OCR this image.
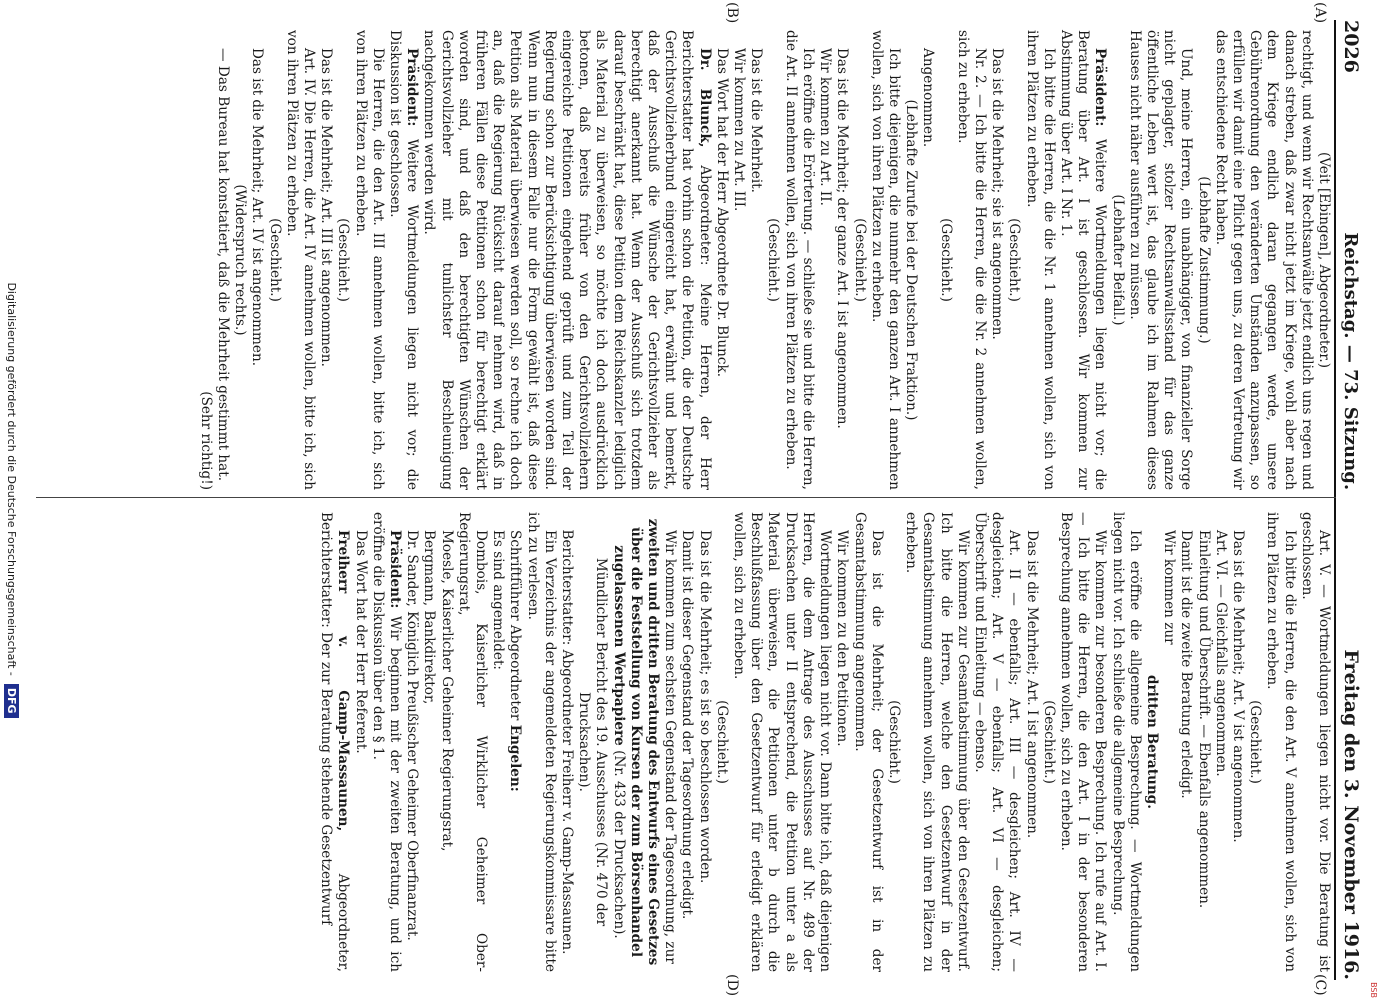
2026
Reichstag. — 73. Sitzung.
Freitag den 3. November 1916.
(A)
(B)
(C)
(D)

(Veit [Ebingen], Abgeordneter.)

rechtigt, und wenn wir Rechtsanwälte jetzt endlich uns regen und danach streben, daß zwar nicht jetzt im Kriege, wohl aber nach dem Kriege endlich daran gegangen werde, unsere Gebührenordnung den veränderten Umständen anzupassen, so erfüllen wir damit eine Pflicht gegen uns, zu deren Vertretung wir das entschiedene Recht haben.

(Lebhafte Zustimmung.)

Und, meine Herren, ein unabhängiger, von finanzieller Sorge nicht geplagter, stolzer Rechtsanwaltsstand für das ganze öffentliche Leben wert ist, das glaube ich im Rahmen dieses Hauses nicht näher ausführen zu müssen.

(Lebhafter Beifall.)

Präsident: Weitere Wortmeldungen liegen nicht vor; die Beratung über Art. I ist geschlossen. Wir kommen zur Abstimmung über Art. I Nr. 1.

Ich bitte die Herren, die die Nr. 1 annehmen wollen, sich von ihren Plätzen zu erheben.

(Geschieht.)

Das ist die Mehrheit; sie ist angenommen.

Nr. 2. — Ich bitte die Herren, die die Nr. 2 annehmen wollen, sich zu erheben.

(Geschieht.)

Angenommen.

(Lebhafte Zurufe bei der Deutschen Fraktion.)

Ich bitte diejenigen, die nunmehr den ganzen Art. I annehmen wollen, sich von ihren Plätzen zu erheben.

(Geschieht.)

Das ist die Mehrheit; der ganze Art. I ist angenommen.

Wir kommen zu Art. II.

Ich eröffne die Erörterung. — schließe sie und bitte die Herren, die Art. II annehmen wollen, sich von ihren Plätzen zu erheben.

(Geschieht.)

Das ist die Mehrheit.

Wir kommen zu Art. III.

Das Wort hat der Herr Abgeordnete Dr. Blunck.

Dr. Blunck, Abgeordneter: Meine Herren, der Herr Berichterstatter hat vorhin schon die Petition, die der Deutsche Gerichtsvollzieherbund eingereicht hat, erwähnt und bemerkt, daß der Ausschuß die Wünsche der Gerichtsvollzieher als berechtigt anerkannt hat. Wenn der Ausschuß sich trotzdem darauf beschränkt hat, diese Petition dem Reichskanzler lediglich als Material zu überweisen, so möchte ich doch ausdrücklich betonen, daß bereits früher von den Gerichtsvollziehern eingereichte Petitionen eingehend geprüft und zum Teil der Regierung schon zur Berücksichtigung überwiesen worden sind. Wenn nun in diesem Falle nur die Form gewählt ist, daß diese Petition als Material überwiesen werden soll, so rechne ich doch an, daß die Regierung Rücksicht darauf nehmen wird, daß in früheren Fällen diese Petitionen schon für berechtigt erklärt worden sind, und daß den berechtigten Wünschen der Gerichtsvollzieher mit tunlichster Beschleunigung nachgekommen werden wird.

Präsident: Weitere Wortmeldungen liegen nicht vor; die Diskussion ist geschlossen.

Die Herren, die den Art. III annehmen wollen, bitte ich, sich von ihren Plätzen zu erheben.

(Geschieht.)

Das ist die Mehrheit; Art. III ist angenommen.

Art. IV. Die Herren, die Art. IV annehmen wollen, bitte ich, sich von ihren Plätzen zu erheben.

(Geschieht.)

Das ist die Mehrheit; Art. IV ist angenommen.

(Widerspruch rechts.)

— Das Bureau hat konstatiert, daß die Mehrheit gestimmt hat.

(Sehr richtig!)

Art. V. — Wortmeldungen liegen nicht vor. Die Beratung ist geschlossen.

Ich bitte die Herren, die den Art. V annehmen wollen, sich von ihren Plätzen zu erheben.

(Geschieht.)

Das ist die Mehrheit; Art. V ist angenommen.

Art. VI. — Gleichfalls angenommen.

Einleitung und Überschrift. — Ebenfalls angenommen.

Damit ist die zweite Beratung erledigt.

Wir kommen zur

dritten Beratung.

Ich eröffne die allgemeine Besprechung. — Wortmeldungen liegen nicht vor. Ich schließe die allgemeine Besprechung.

Wir kommen zur besonderen Besprechung. Ich rufe auf Art. I. — Ich bitte die Herren, die den Art. I in der besonderen Besprechung annehmen wollen, sich zu erheben.

(Geschieht.)

Das ist die Mehrheit; Art. I ist angenommen.

Art. II — ebenfalls; Art. III — desgleichen; Art. IV — desgleichen; Art. V — ebenfalls; Art. VI — desgleichen; Überschrift und Einleitung — ebenso.

Wir kommen zur Gesamtabstimmung über den Gesetzentwurf. Ich bitte die Herren, welche den Gesetzentwurf in der Gesamtabstimmung annehmen wollen, sich von ihren Plätzen zu erheben.

(Geschieht.)

Das ist die Mehrheit; der Gesetzentwurf ist in der Gesamtabstimmung angenommen.

Wir kommen zu den Petitionen.

Wortmeldungen liegen nicht vor. Dann bitte ich, daß diejenigen Herren, die dem Antrage des Ausschusses auf Nr. 489 der Drucksachen unter II entsprechend, die Petition unter a als Material überweisen, die Petitionen unter b durch die Beschlußfassung über den Gesetzentwurf für erledigt erklären wollen, sich zu erheben.

(Geschieht.)

Das ist die Mehrheit; es ist so beschlossen worden.

Damit ist dieser Gegenstand der Tagesordnung erledigt.

Wir kommen zum sechsten Gegenstand der Tagesordnung, zur

zweiten und dritten Beratung des Entwurfs eines Gesetzes über die Feststellung von Kursen der zum Börsenhandel zugelassenen Wertpapiere (Nr. 433 der Drucksachen).

Mündlicher Bericht des 19. Ausschusses (Nr. 470 der Drucksachen).

Berichterstatter: Abgeordneter Freiherr v. Gamp-Massaunen.

Ein Verzeichnis der angemeldeten Regierungskommissare bitte ich zu verlesen.

Schriftführer Abgeordneter Engelen:

Es sind angemeldet:

Dombois, Kaiserlicher Wirklicher Geheimer Ober-Regierungsrat,

Moesle, Kaiserlicher Geheimer Regierungsrat,

Bergmann, Bankdirektor,

Dr. Sander, Königlich Preußischer Geheimer Oberfinanzrat.

Präsident: Wir beginnen mit der zweiten Beratung, und ich eröffne die Diskussion über den § 1.

Das Wort hat der Herr Referent.

Freiherr v. Gamp-Massaunen, Abgeordneter, Berichterstatter: Der zur Beratung stehende Gesetzentwurf

Digitalisierung gefördert durch die Deutsche Forschungsgemeinschaft -
DFG
BSB
